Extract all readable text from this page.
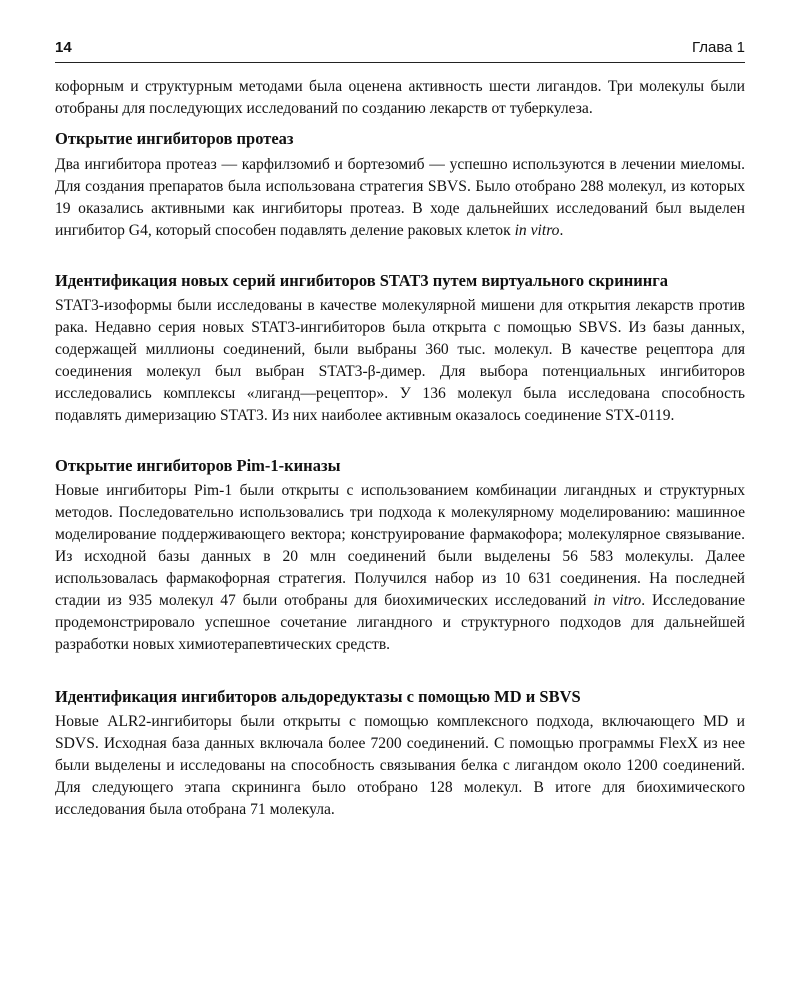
14	Глава 1

кофорным и структурным методами была оценена активность шести лигандов. Три молекулы были отобраны для последующих исследований по созданию лекарств от туберкулеза.

Открытие ингибиторов протеаз

Два ингибитора протеаз — карфилзомиб и бортезомиб — успешно используются в лечении миеломы. Для создания препаратов была использована стратегия SBVS. Было отобрано 288 молекул, из которых 19 оказались активными как ингибиторы протеаз. В ходе дальнейших исследований был выделен ингибитор G4, который способен подавлять деление раковых клеток in vitro.

Идентификация новых серий ингибиторов STAT3 путем виртуального скрининга

STAT3-изоформы были исследованы в качестве молекулярной мишени для открытия лекарств против рака. Недавно серия новых STAT3-ингибиторов была открыта с помощью SBVS. Из базы данных, содержащей миллионы соединений, были выбраны 360 тыс. молекул. В качестве рецептора для соединения молекул был выбран STAT3-β-димер. Для выбора потенциальных ингибиторов исследовались комплексы «лиганд—рецептор». У 136 молекул была исследована способность подавлять димеризацию STAT3. Из них наиболее активным оказалось соединение STX-0119.

Открытие ингибиторов Pim-1-киназы

Новые ингибиторы Pim-1 были открыты с использованием комбинации лигандных и структурных методов. Последовательно использовались три подхода к молекулярному моделированию: машинное моделирование поддерживающего вектора; конструирование фармакофора; молекулярное связывание. Из исходной базы данных в 20 млн соединений были выделены 56 583 молекулы. Далее использовалась фармакофорная стратегия. Получился набор из 10 631 соединения. На последней стадии из 935 молекул 47 были отобраны для биохимических исследований in vitro. Исследование продемонстрировало успешное сочетание лигандного и структурного подходов для дальнейшей разработки новых химиотерапевтических средств.

Идентификация ингибиторов альдоредуктазы с помощью MD и SBVS

Новые ALR2-ингибиторы были открыты с помощью комплексного подхода, включающего MD и SDVS. Исходная база данных включала более 7200 соединений. С помощью программы FlexX из нее были выделены и исследованы на способность связывания белка с лигандом около 1200 соединений. Для следующего этапа скрининга было отобрано 128 молекул. В итоге для биохимического исследования была отобрана 71 молекула.
